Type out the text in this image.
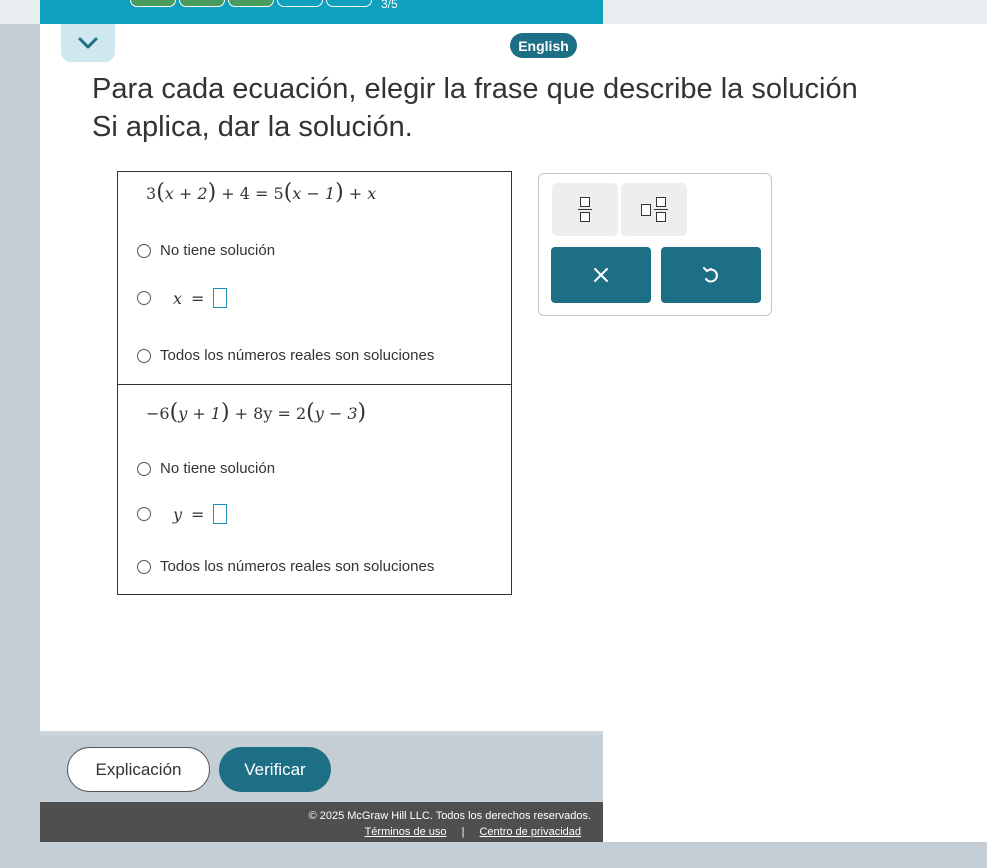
3/5
English
Para cada ecuación, elegir la frase que describe la solución
Si aplica, dar la solución.
3(x + 2) + 4 = 5(x − 1) + x
No tiene solución
x =
Todos los números reales son soluciones
−6(y + 1) + 8y = 2(y − 3)
No tiene solución
y =
Todos los números reales son soluciones
Explicación	Verificar
© 2025 McGraw Hill LLC. Todos los derechos reservados.
Términos de uso | Centro de privacidad
